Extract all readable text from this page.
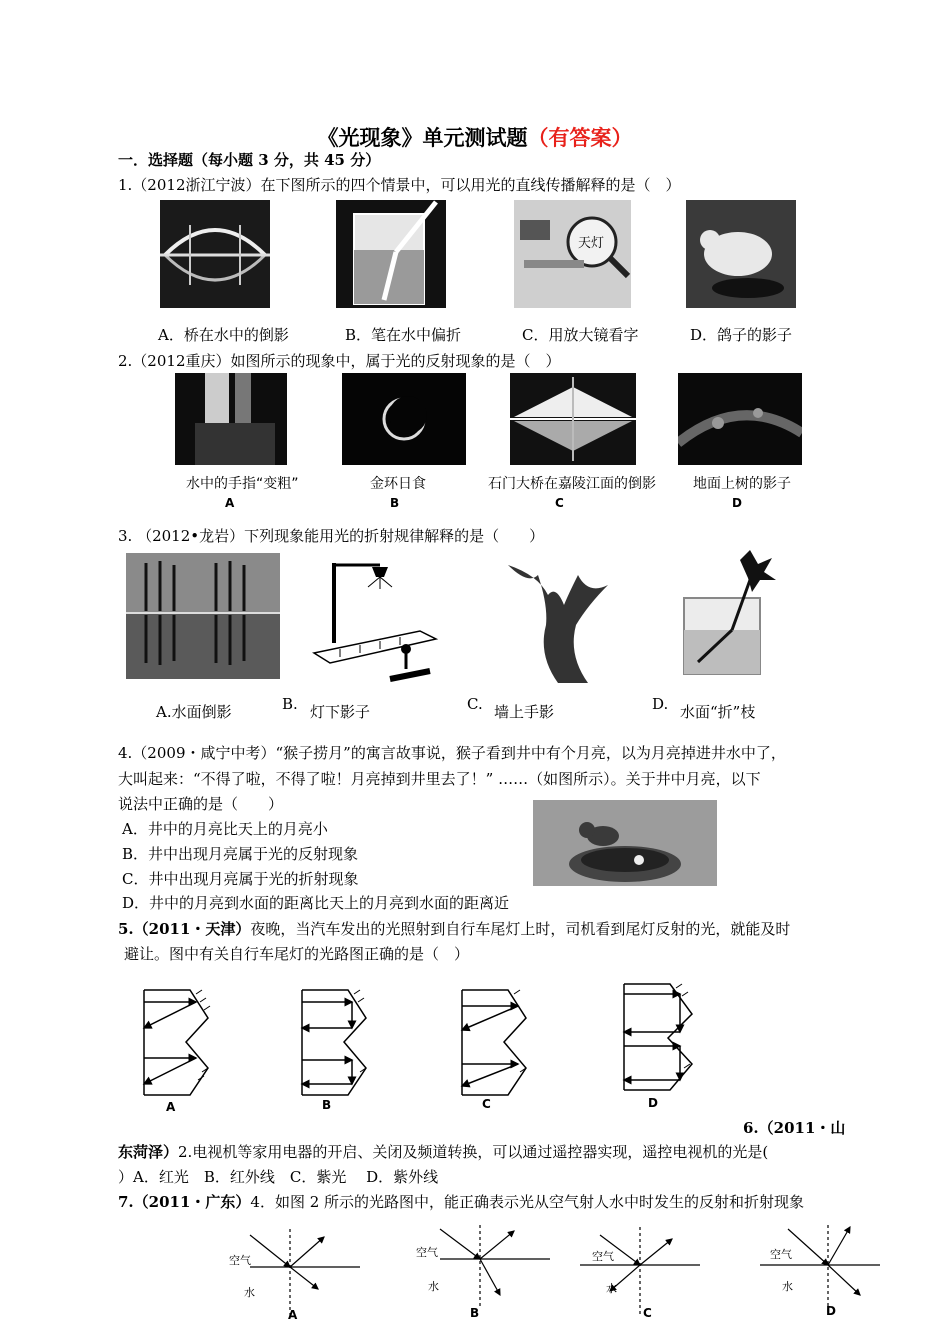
《光现象》单元测试题（有答案）
一．选择题（每小题 3 分，共 45 分）
1.（2012浙江宁波）在下图所示的四个情景中，可以用光的直线传播解释的是（　）
天灯
A．桥在水中的倒影	B．笔在水中偏折	C．用放大镜看字	D．鸽子的影子
2.（2012重庆）如图所示的现象中，属于光的反射现象的是（　）
水中的手指“变粗”	金环日食	石门大桥在嘉陵江面的倒影	地面上树的影子
A	B	C	D
3. （2012•龙岩）下列现象能用光的折射规律解释的是（　　）
A.水面倒影	B. 灯下影子	C. 墙上手影	D. 水面“折”枝
4.（2009・咸宁中考）“猴子捞月”的寓言故事说，猴子看到井中有个月亮，以为月亮掉进井水中了，
大叫起来：“不得了啦，不得了啦！月亮掉到井里去了！” ……（如图所示）。关于井中月亮，以下
说法中正确的是（　　）
A．井中的月亮比天上的月亮小
B．井中出现月亮属于光的反射现象
C．井中出现月亮属于光的折射现象
D．井中的月亮到水面的距离比天上的月亮到水面的距离近
5.（2011・天津）夜晚，当汽车发出的光照射到自行车尾灯上时，司机看到尾灯反射的光，就能及时
避让。图中有关自行车尾灯的光路图正确的是（　）
A	B	C	D
6.（2011・山
东菏泽）2.电视机等家用电器的开启、关闭及频道转换，可以通过遥控器实现，遥控电视机的光是(
）A．红光　B．红外线　C．紫光　 D．紫外线
7.（2011・广东）4．如图 2 所示的光路图中，能正确表示光从空气射人水中时发生的反射和折射现象
空气
水
空气
水
空气
水
空气
水
A	B	C	D
